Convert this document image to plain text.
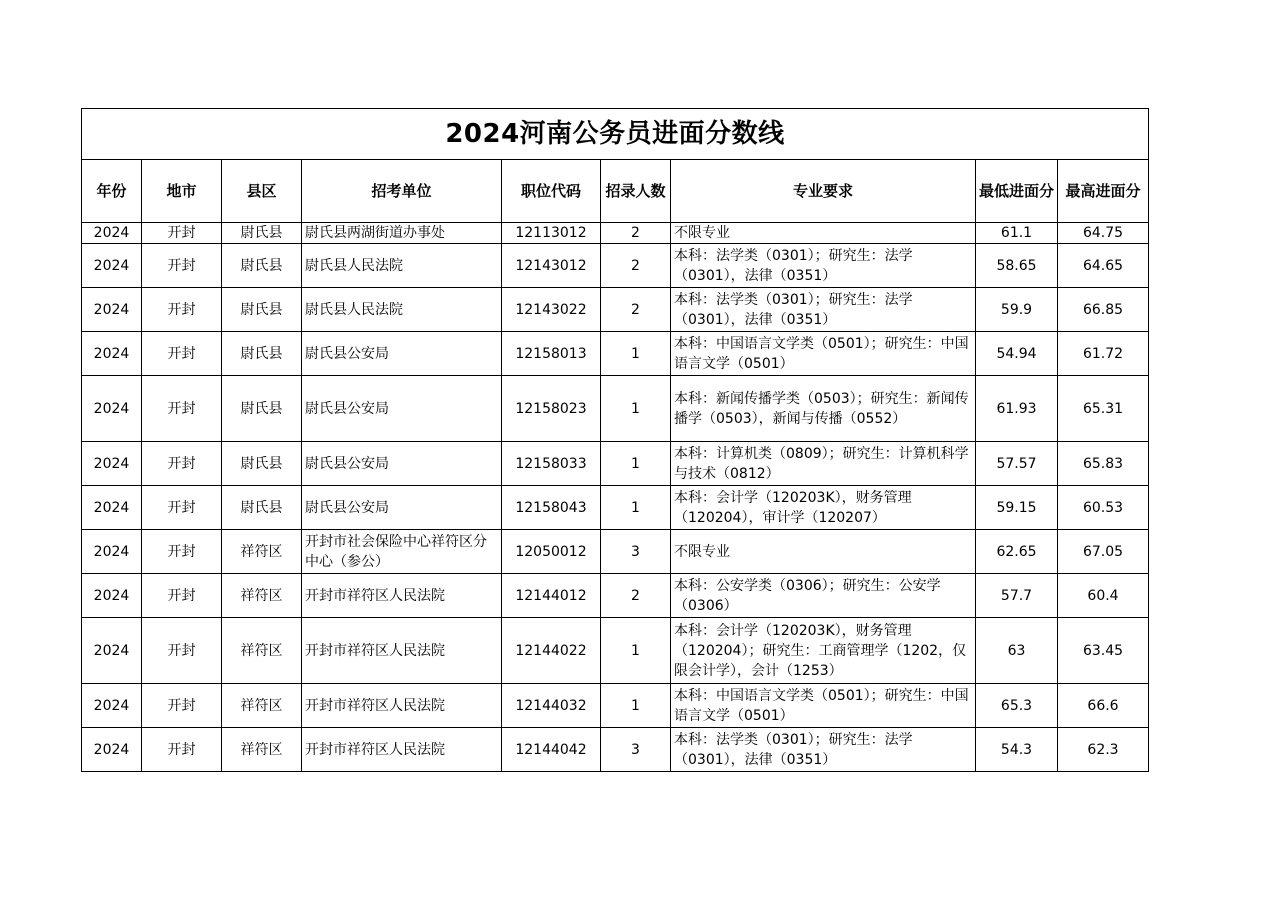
2024河南公务员进面分数线								
年份	地市	县区	招考单位	职位代码	招录人数	专业要求	最低进面分	最高进面分
2024	开封	尉氏县	尉氏县两湖街道办事处	12113012	2	不限专业	61.1	64.75
2024	开封	尉氏县	尉氏县人民法院	12143012	2	本科：法学类（0301）；研究生：法学（0301），法律（0351）	58.65	64.65
2024	开封	尉氏县	尉氏县人民法院	12143022	2	本科：法学类（0301）；研究生：法学（0301），法律（0351）	59.9	66.85
2024	开封	尉氏县	尉氏县公安局	12158013	1	本科：中国语言文学类（0501）；研究生：中国语言文学（0501）	54.94	61.72
2024	开封	尉氏县	尉氏县公安局	12158023	1	本科：新闻传播学类（0503）；研究生：新闻传播学（0503），新闻与传播（0552）	61.93	65.31
2024	开封	尉氏县	尉氏县公安局	12158033	1	本科：计算机类（0809）；研究生：计算机科学与技术（0812）	57.57	65.83
2024	开封	尉氏县	尉氏县公安局	12158043	1	本科：会计学（120203K），财务管理（120204），审计学（120207）	59.15	60.53
2024	开封	祥符区	开封市社会保险中心祥符区分中心（参公）	12050012	3	不限专业	62.65	67.05
2024	开封	祥符区	开封市祥符区人民法院	12144012	2	本科：公安学类（0306）；研究生：公安学（0306）	57.7	60.4
2024	开封	祥符区	开封市祥符区人民法院	12144022	1	本科：会计学（120203K），财务管理（120204）；研究生：工商管理学（1202，仅限会计学），会计（1253）	63	63.45
2024	开封	祥符区	开封市祥符区人民法院	12144032	1	本科：中国语言文学类（0501）；研究生：中国语言文学（0501）	65.3	66.6
2024	开封	祥符区	开封市祥符区人民法院	12144042	3	本科：法学类（0301）；研究生：法学（0301），法律（0351）	54.3	62.3
